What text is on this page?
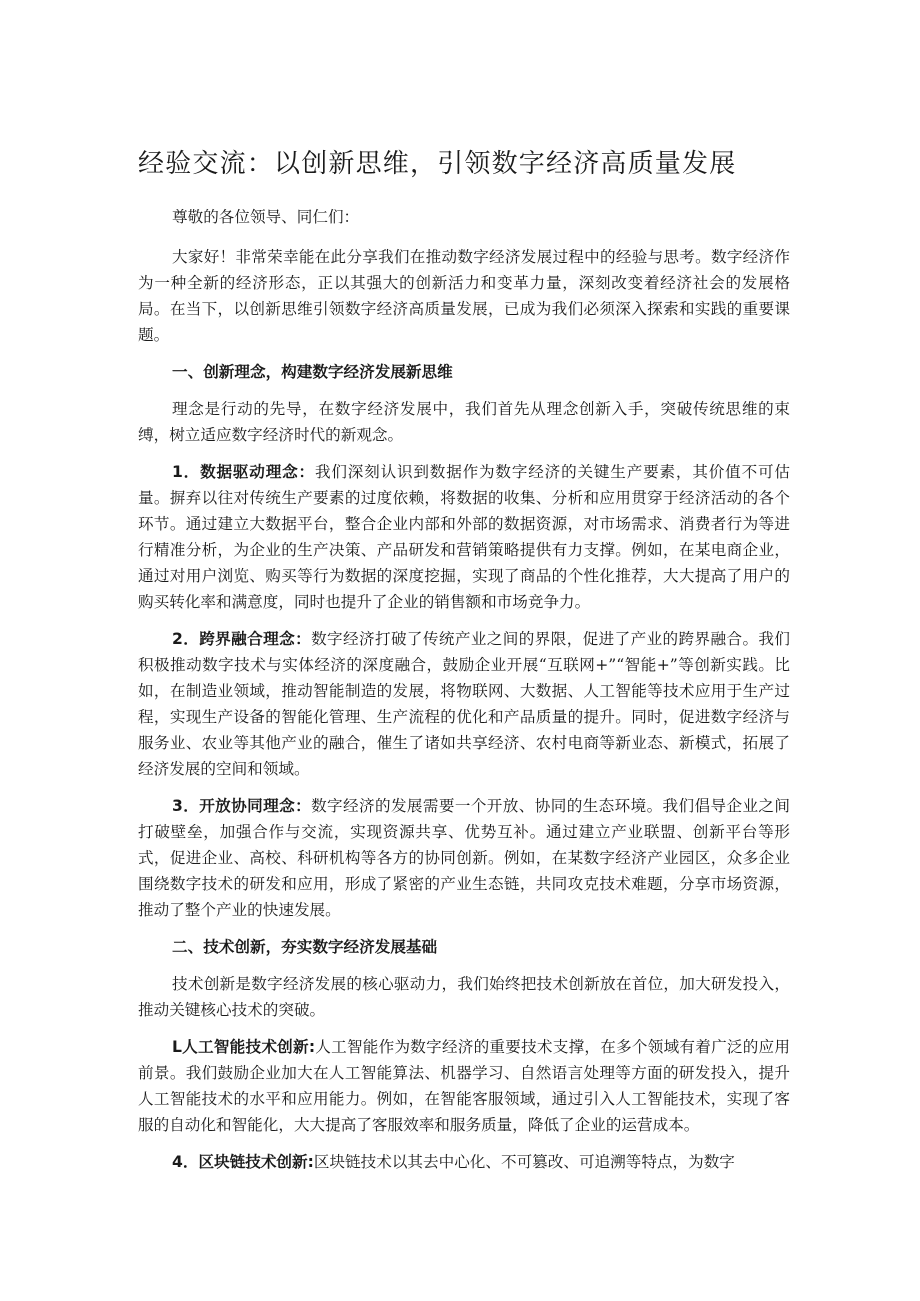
经验交流：以创新思维，引领数字经济高质量发展

尊敬的各位领导、同仁们：

大家好！非常荣幸能在此分享我们在推动数字经济发展过程中的经验与思考。数字经济作为一种全新的经济形态，正以其强大的创新活力和变革力量，深刻改变着经济社会的发展格局。在当下，以创新思维引领数字经济高质量发展，已成为我们必须深入探索和实践的重要课题。

一、创新理念，构建数字经济发展新思维

理念是行动的先导，在数字经济发展中，我们首先从理念创新入手，突破传统思维的束缚，树立适应数字经济时代的新观念。

1．数据驱动理念：我们深刻认识到数据作为数字经济的关键生产要素，其价值不可估量。摒弃以往对传统生产要素的过度依赖，将数据的收集、分析和应用贯穿于经济活动的各个环节。通过建立大数据平台，整合企业内部和外部的数据资源，对市场需求、消费者行为等进行精准分析，为企业的生产决策、产品研发和营销策略提供有力支撑。例如，在某电商企业，通过对用户浏览、购买等行为数据的深度挖掘，实现了商品的个性化推荐，大大提高了用户的购买转化率和满意度，同时也提升了企业的销售额和市场竞争力。

2．跨界融合理念：数字经济打破了传统产业之间的界限，促进了产业的跨界融合。我们积极推动数字技术与实体经济的深度融合，鼓励企业开展“互联网+”“智能+”等创新实践。比如，在制造业领域，推动智能制造的发展，将物联网、大数据、人工智能等技术应用于生产过程，实现生产设备的智能化管理、生产流程的优化和产品质量的提升。同时，促进数字经济与服务业、农业等其他产业的融合，催生了诸如共享经济、农村电商等新业态、新模式，拓展了经济发展的空间和领域。

3．开放协同理念：数字经济的发展需要一个开放、协同的生态环境。我们倡导企业之间打破壁垒，加强合作与交流，实现资源共享、优势互补。通过建立产业联盟、创新平台等形式，促进企业、高校、科研机构等各方的协同创新。例如，在某数字经济产业园区，众多企业围绕数字技术的研发和应用，形成了紧密的产业生态链，共同攻克技术难题，分享市场资源，推动了整个产业的快速发展。

二、技术创新，夯实数字经济发展基础

技术创新是数字经济发展的核心驱动力，我们始终把技术创新放在首位，加大研发投入，推动关键核心技术的突破。

L人工智能技术创新:人工智能作为数字经济的重要技术支撑，在多个领域有着广泛的应用前景。我们鼓励企业加大在人工智能算法、机器学习、自然语言处理等方面的研发投入，提升人工智能技术的水平和应用能力。例如，在智能客服领域，通过引入人工智能技术，实现了客服的自动化和智能化，大大提高了客服效率和服务质量，降低了企业的运营成本。

4．区块链技术创新:区块链技术以其去中心化、不可篡改、可追溯等特点，为数字
